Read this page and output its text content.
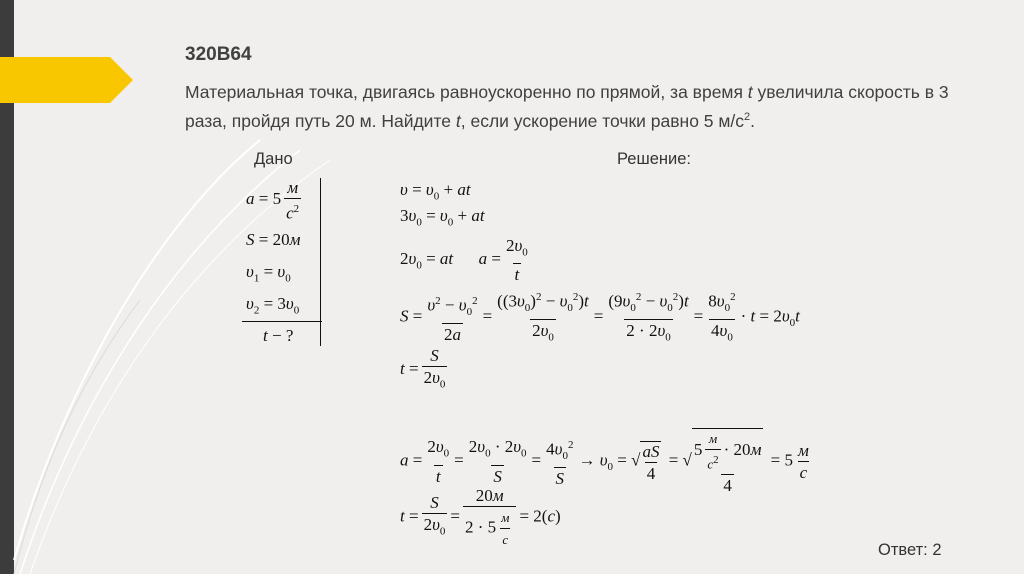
320В64
Материальная точка, двигаясь равноускоренно по прямой, за время t увеличила скорость в 3 раза, пройдя путь 20 м. Найдите t, если ускорение точки равно 5 $м/с^2$.
Дано	Решение:
a = 5
м
$с^2$
S = 20м
$\upsilon_1 = \upsilon_0$
$\upsilon_2 = 3\upsilon_0$
t − ?
$\upsilon = \upsilon_0$ + at
$3\upsilon_0 = \upsilon_0$ + at
$2\upsilon_0$ = at $a = \frac{2\upsilon_0}{t}$
$S = \frac{\upsilon^2 - \upsilon_0^2}{2a} = \frac{((3\upsilon_0)^2 - \upsilon_0^2)t}{2\upsilon_0} = \frac{(9\upsilon_0^2 - \upsilon_0^2)t}{2 \cdot 2\upsilon_0} = \frac{8\upsilon_0^2}{4\upsilon_0} \cdot t = 2\upsilon_0t$
$t = \frac{S}{2\upsilon_0}$
$a = \frac{2\upsilon_0}{t} = \frac{2\upsilon_0 \cdot 2\upsilon_0}{S} = \frac{4\upsilon_0^2}{S} \to \upsilon_0$ = √ $\frac{aS}{4}$ = √
5
м
$с^2$
· 20м
4
= 5 м
с
$t = \frac{S}{2\upsilon_0}$ =
20м
2 · 5 м
с
= 2(с)
Ответ: 2
